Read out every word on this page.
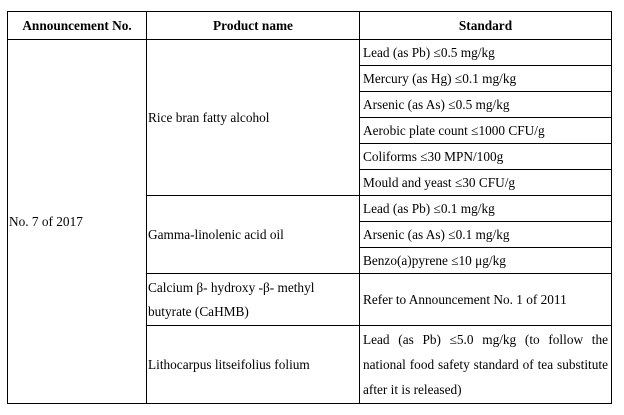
Announcement No.	Product name	Standard
No. 7 of 2017	Rice bran fatty alcohol	Lead (as Pb) ≤0.5 mg/kg
		Mercury (as Hg) ≤0.1 mg/kg
		Arsenic (as As) ≤0.5 mg/kg
		Aerobic plate count ≤1000 CFU/g
		Coliforms ≤30 MPN/100g
		Mould and yeast ≤30 CFU/g
	Gamma-linolenic acid oil	Lead (as Pb) ≤0.1 mg/kg
		Arsenic (as As) ≤0.1 mg/kg
		Benzo(a)pyrene ≤10 μg/kg
	Calcium β- hydroxy -β- methyl butyrate (CaHMB)	Refer to Announcement No. 1 of 2011
	Lithocarpus litseifolius folium	Lead (as Pb) ≤5.0 mg/kg (to follow the national food safety standard of tea substitute after it is released)
